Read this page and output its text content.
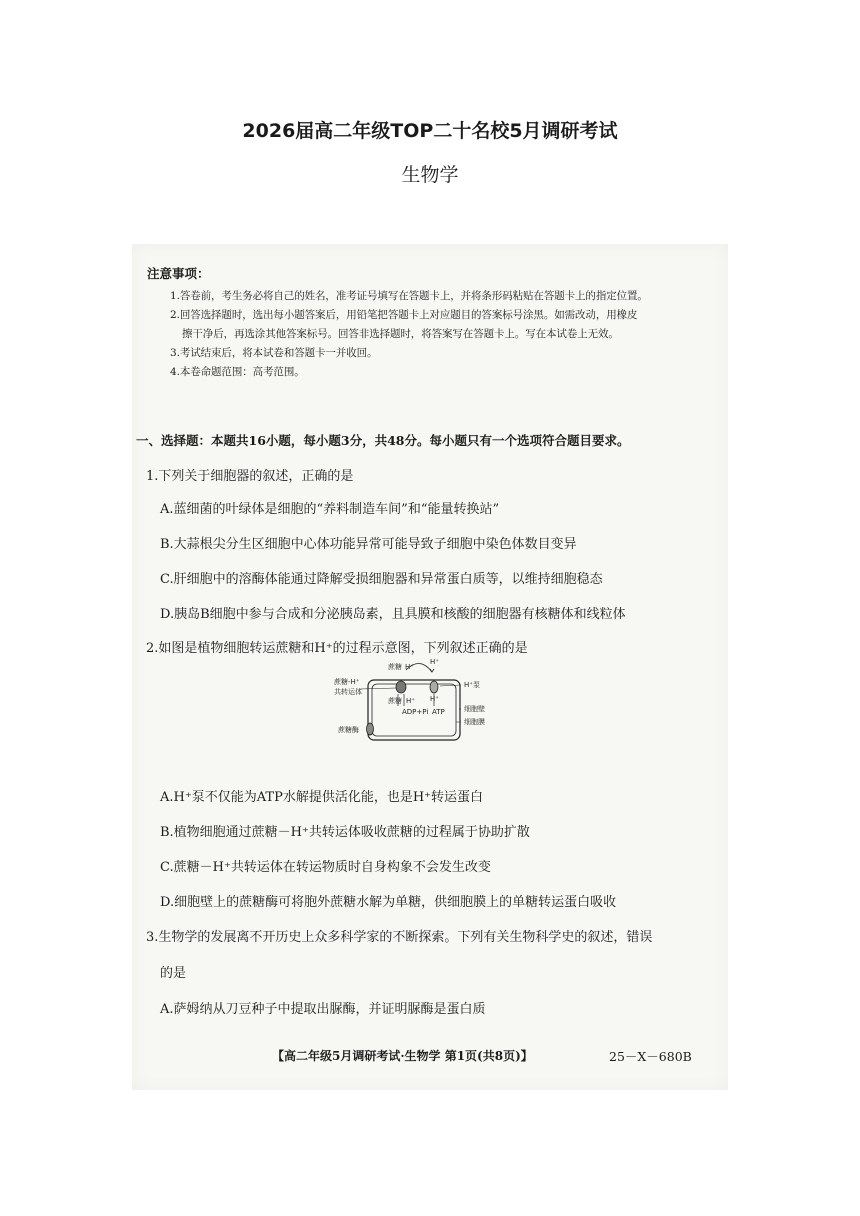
2026届高二年级TOP二十名校5月调研考试
生物学
注意事项：
1.答卷前，考生务必将自己的姓名，准考证号填写在答题卡上，并将条形码粘贴在答题卡上的指定位置。
2.回答选择题时，选出每小题答案后，用铅笔把答题卡上对应题目的答案标号涂黑。如需改动，用橡皮
擦干净后，再选涂其他答案标号。回答非选择题时，将答案写在答题卡上。写在本试卷上无效。
3.考试结束后，将本试卷和答题卡一并收回。
4.本卷命题范围：高考范围。
一、选择题：本题共16小题，每小题3分，共48分。每小题只有一个选项符合题目要求。
1.下列关于细胞器的叙述，正确的是
A.蓝细菌的叶绿体是细胞的“养料制造车间”和“能量转换站”
B.大蒜根尖分生区细胞中心体功能异常可能导致子细胞中染色体数目变异
C.肝细胞中的溶酶体能通过降解受损细胞器和异常蛋白质等，以维持细胞稳态
D.胰岛B细胞中参与合成和分泌胰岛素，且具膜和核酸的细胞器有核糖体和线粒体
2.如图是植物细胞转运蔗糖和H⁺的过程示意图，下列叙述正确的是
蔗糖 H⁺
H⁺
蔗糖-H⁺
共转运体
H⁺泵
蔗糖 H⁺ H⁺
ADP+Pi ATP	细胞壁
细胞膜
蔗糖酶
A.H⁺泵不仅能为ATP水解提供活化能，也是H⁺转运蛋白
B.植物细胞通过蔗糖－H⁺共转运体吸收蔗糖的过程属于协助扩散
C.蔗糖－H⁺共转运体在转运物质时自身构象不会发生改变
D.细胞壁上的蔗糖酶可将胞外蔗糖水解为单糖，供细胞膜上的单糖转运蛋白吸收
3.生物学的发展离不开历史上众多科学家的不断探索。下列有关生物科学史的叙述，错误
的是
A.萨姆纳从刀豆种子中提取出脲酶，并证明脲酶是蛋白质
【高二年级5月调研考试·生物学 第1页(共8页)】	25－X－680B
